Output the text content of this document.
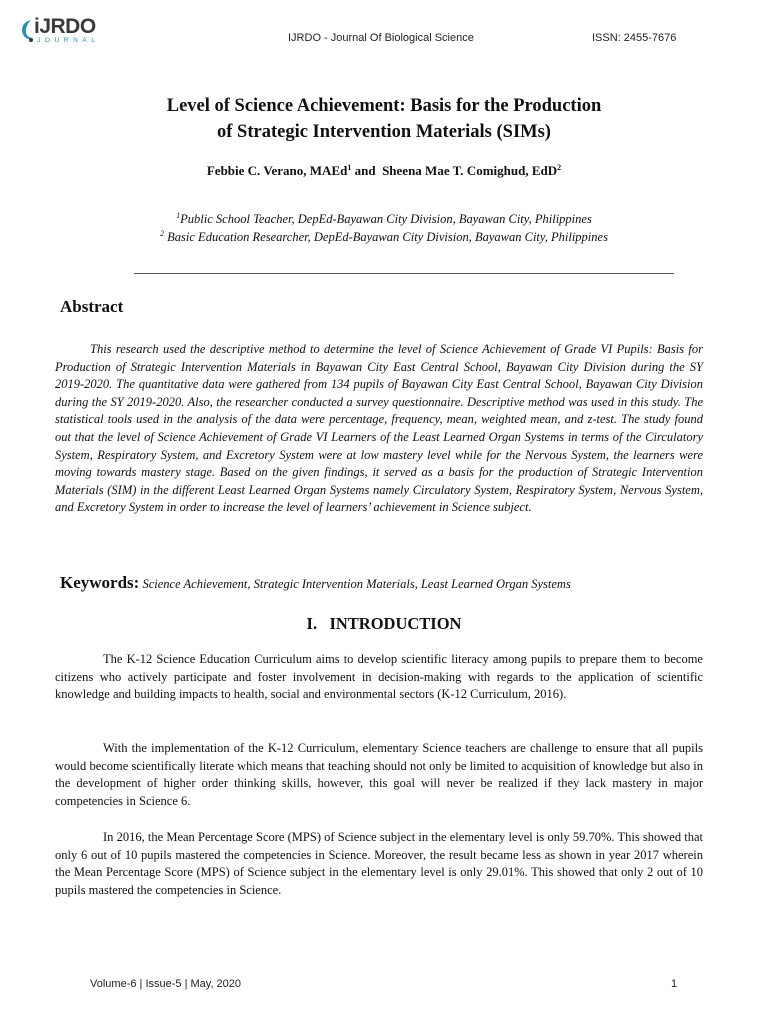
iJRDO
JOURNAL	IJRDO - Journal Of Biological Science	ISSN: 2455-7676
Level of Science Achievement: Basis for the Production
of Strategic Intervention Materials (SIMs)
Febbie C. Verano, MAEd$^1$ and  Sheena Mae T. Comighud, EdD$^2$
$^1$Public School Teacher, DepEd-Bayawan City Division, Bayawan City, Philippines
$^2$ Basic Education Researcher, DepEd-Bayawan City Division, Bayawan City, Philippines
Abstract
This research used the descriptive method to determine the level of Science Achievement of Grade VI Pupils: Basis for Production of Strategic Intervention Materials in Bayawan City East Central School, Bayawan City Division during the SY 2019-2020. The quantitative data were gathered from 134 pupils of Bayawan City East Central School, Bayawan City Division during the SY 2019-2020. Also, the researcher conducted a survey questionnaire. Descriptive method was used in this study. The statistical tools used in the analysis of the data were percentage, frequency, mean, weighted mean, and z-test. The study found out that the level of Science Achievement of Grade VI Learners of the Least Learned Organ Systems in terms of the Circulatory System, Respiratory System, and Excretory System were at low mastery level while for the Nervous System, the learners were moving towards mastery stage. Based on the given findings, it served as a basis for the production of Strategic Intervention Materials (SIM) in the different Least Learned Organ Systems namely Circulatory System, Respiratory System, Nervous System, and Excretory System in order to increase the level of learners’ achievement in Science subject.
Keywords: Science Achievement, Strategic Intervention Materials, Least Learned Organ Systems
I.   INTRODUCTION
The K-12 Science Education Curriculum aims to develop scientific literacy among pupils to prepare them to become citizens who actively participate and foster involvement in decision-making with regards to the application of scientific knowledge and building impacts to health, social and environmental sectors (K-12 Curriculum, 2016).
With the implementation of the K-12 Curriculum, elementary Science teachers are challenge to ensure that all pupils would become scientifically literate which means that teaching should not only be limited to acquisition of knowledge but also in the development of higher order thinking skills, however, this goal will never be realized if they lack mastery in major competencies in Science 6.
In 2016, the Mean Percentage Score (MPS) of Science subject in the elementary level is only 59.70%. This showed that only 6 out of 10 pupils mastered the competencies in Science. Moreover, the result became less as shown in year 2017 wherein the Mean Percentage Score (MPS) of Science subject in the elementary level is only 29.01%. This showed that only 2 out of 10 pupils mastered the competencies in Science.
Volume-6 | Issue-5 | May, 2020	1
